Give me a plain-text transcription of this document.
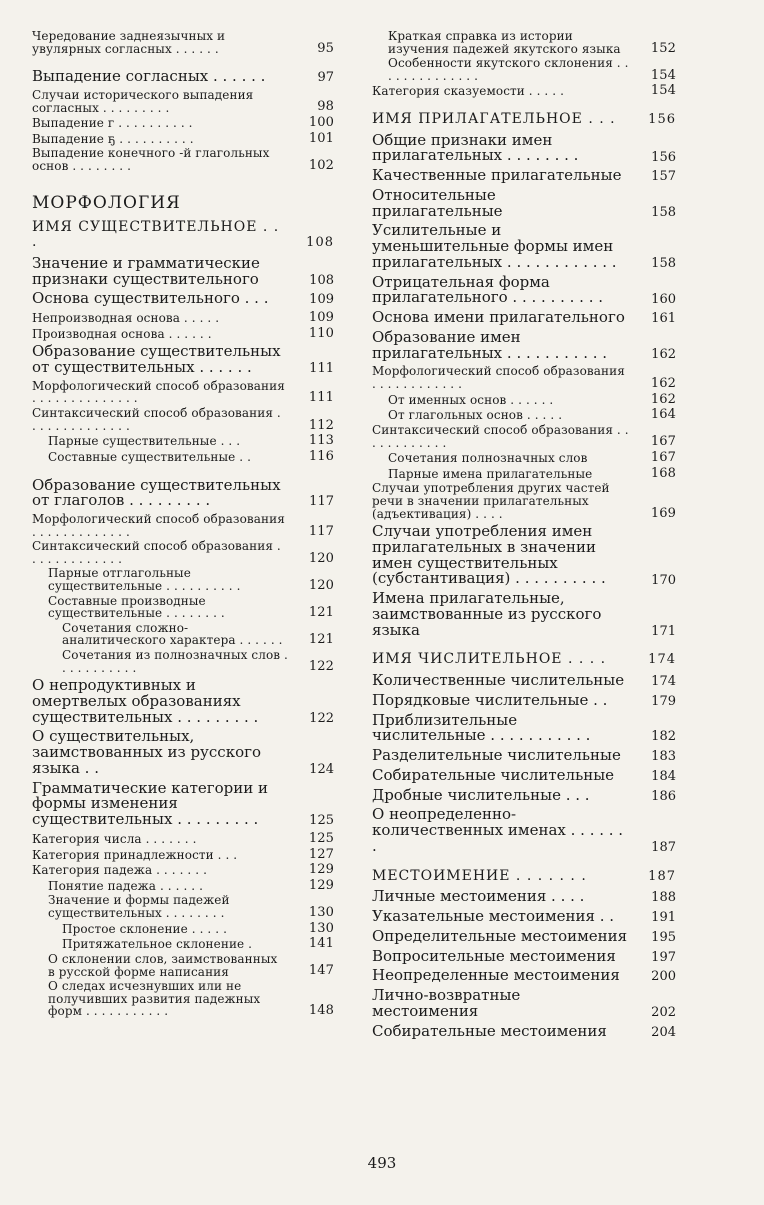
Чередование заднеязычных и увулярных согласных . . . . . .	95
Выпадение согласных . . . . . .	97
Случаи исторического выпадения согласных . . . . . . . . .	98
Выпадение г . . . . . . . . . .	100
Выпадение ҕ . . . . . . . . . .	101
Выпадение конечного -й глагольных основ . . . . . . . .	102
МОРФОЛОГИЯ
ИМЯ СУЩЕСТВИТЕЛЬНОЕ . . .	108
Значение и грамматические признаки существительного	108
Основа существительного . . .	109
Непроизводная основа . . . . .	109
Производная основа . . . . . .	110
Образование существительных от существительных . . . . . .	111
Морфологический способ образования . . . . . . . . . . . . . .	111
Синтаксический способ образования . . . . . . . . . . . . . .	112
Парные существительные . . .	113
Составные существительные . .	116
Образование существительных от глаголов . . . . . . . . .	117
Морфологический способ образования . . . . . . . . . . . . .	117
Синтаксический способ образования . . . . . . . . . . . . .	120
Парные отглагольные существительные . . . . . . . . . .	120
Составные производные существительные . . . . . . . .	121
Сочетания сложно-аналитического характера . . . . . .	121
Сочетания из полнозначных слов . . . . . . . . . . .	122
О непродуктивных и омертвелых образованиях существительных . . . . . . . . .	122
О существительных, заимствованных из русского языка . .	124
Грамматические категории и формы изменения существительных . . . . . . . . .	125
Категория числа . . . . . . .	125
Категория принадлежности . . .	127
Категория падежа . . . . . . .	129
Понятие падежа . . . . . .	129
Значение и формы падежей существительных . . . . . . . .	130
Простое склонение . . . . .	130
Притяжательное склонение .	141
О склонении слов, заимствованных в русской форме написания	147
О следах исчезнувших или не получивших развития падежных форм . . . . . . . . . . .	148
Краткая справка из истории изучения падежей якутского языка	152
Особенности якутского склонения . . . . . . . . . . . . . .	154
Категория сказуемости . . . . .	154
ИМЯ ПРИЛАГАТЕЛЬНОЕ . . .	156
Общие признаки имен прилагательных . . . . . . . .	156
Качественные прилагательные	157
Относительные прилагательные	158
Усилительные и уменьшительные формы имен прилагательных . . . . . . . . . . . .	158
Отрицательная форма прилагательного . . . . . . . . . .	160
Основа имени прилагательного	161
Образование имен прилагательных . . . . . . . . . . .	162
Морфологический способ образования . . . . . . . . . . . .	162
От именных основ . . . . . .	162
От глагольных основ . . . . .	164
Синтаксический способ образования . . . . . . . . . . . .	167
Сочетания полнозначных слов	167
Парные имена прилагательные	168
Случаи употребления других частей речи в значении прилагательных (адъективация) . . . .	169
Случаи употребления имен прилагательных в значении имен существительных (субстантивация) . . . . . . . . . .	170
Имена прилагательные, заимствованные из русского языка	171
ИМЯ ЧИСЛИТЕЛЬНОЕ . . . .	174
Количественные числительные	174
Порядковые числительные . .	179
Приблизительные числительные . . . . . . . . . . .	182
Разделительные числительные	183
Собирательные числительные	184
Дробные числительные . . .	186
О неопределенно-количественных именах . . . . . . .	187
МЕСТОИМЕНИЕ . . . . . . .	187
Личные местоимения . . . .	188
Указательные местоимения . .	191
Определительные местоимения	195
Вопросительные местоимения	197
Неопределенные местоимения	200
Лично-возвратные местоимения	202
Собирательные местоимения	204
493
